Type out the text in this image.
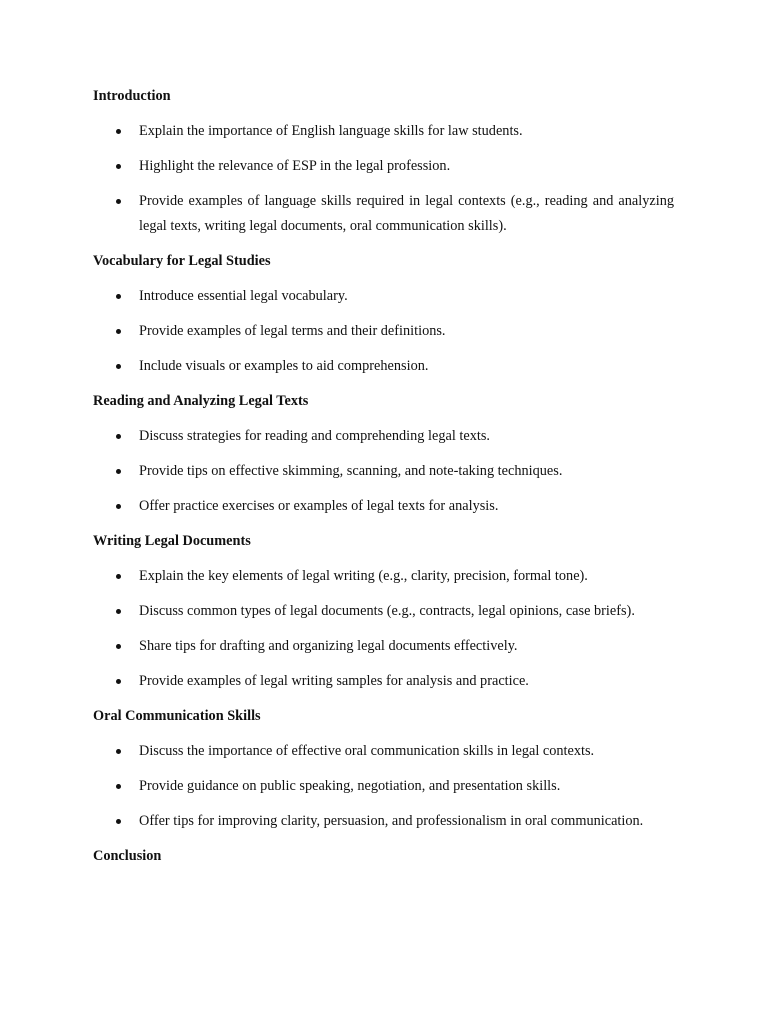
Introduction
Explain the importance of English language skills for law students.
Highlight the relevance of ESP in the legal profession.
Provide examples of language skills required in legal contexts (e.g., reading and analyzing legal texts, writing legal documents, oral communication skills).
Vocabulary for Legal Studies
Introduce essential legal vocabulary.
Provide examples of legal terms and their definitions.
Include visuals or examples to aid comprehension.
Reading and Analyzing Legal Texts
Discuss strategies for reading and comprehending legal texts.
Provide tips on effective skimming, scanning, and note-taking techniques.
Offer practice exercises or examples of legal texts for analysis.
Writing Legal Documents
Explain the key elements of legal writing (e.g., clarity, precision, formal tone).
Discuss common types of legal documents (e.g., contracts, legal opinions, case briefs).
Share tips for drafting and organizing legal documents effectively.
Provide examples of legal writing samples for analysis and practice.
Oral Communication Skills
Discuss the importance of effective oral communication skills in legal contexts.
Provide guidance on public speaking, negotiation, and presentation skills.
Offer tips for improving clarity, persuasion, and professionalism in oral communication.
Conclusion
